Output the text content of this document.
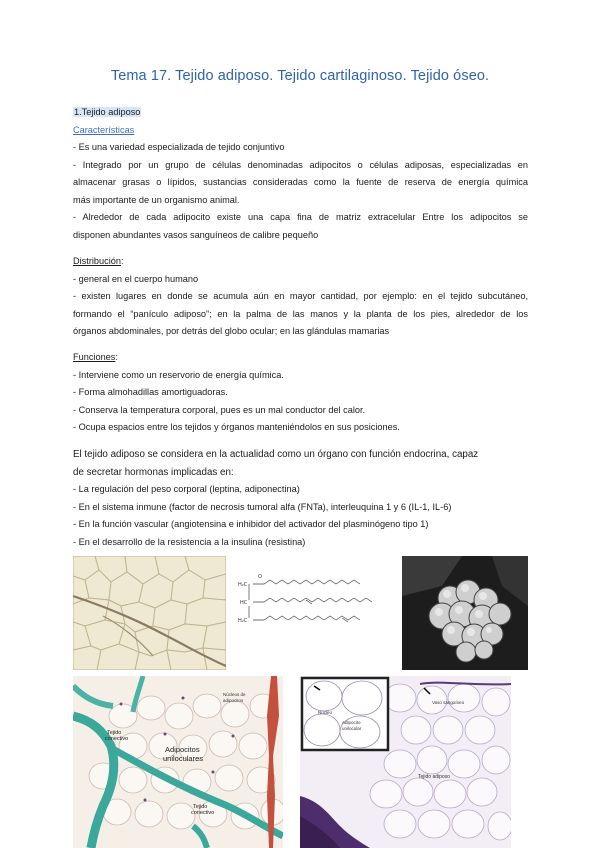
Tema 17. Tejido adiposo. Tejido cartilaginoso. Tejido óseo.
1.Tejido adiposo
Características
- Es una variedad especializada de tejido conjuntivo
- Integrado por un grupo de células denominadas adipocitos o células adiposas, especializadas en
almacenar grasas o lípidos, sustancias consideradas como la fuente de reserva de energía química
más importante de un organismo animal.
- Alrededor de cada adipocito existe una capa fina de matriz extracelular Entre los adipocitos se
disponen abundantes vasos sanguíneos de calibre pequeño
Distribución:
- general en el cuerpo humano
- existen lugares en donde se acumula aún en mayor cantidad, por ejemplo: en el tejido subcutáneo,
formando el “panículo adiposo”; en la palma de las manos y la planta de los pies, alrededor de los
órganos abdominales, por detrás del globo ocular; en las glándulas mamarias
Funciones:
- Interviene como un reservorio de energía química.
- Forma almohadillas amortiguadoras.
- Conserva la temperatura corporal, pues es un mal conductor del calor.
- Ocupa espacios entre los tejidos y órganos manteniéndolos en sus posiciones.
El tejido adiposo se considera en la actualidad como un órgano con función endocrina, capaz
de secretar hormonas implicadas en:
- La regulación del peso corporal (leptina, adiponectina)
- En el sistema inmune (factor de necrosis tumoral alfa (FNTa), interleuquina 1 y 6 (IL-1, IL-6)
- En la función vascular (angiotensina e inhibidor del activador del plasminógeno tipo 1)
- En el desarrollo de la resistencia a la insulina (resistina)
H₂C
HC
H₂C
O
Tejido
conectivo
Adipocitos
uniloculares
Tejido
conectivo
Núcleos de
adipocitos
Núcleo
Adipocito
unilocular
Tejido adiposo
Vaso sanguíneo
